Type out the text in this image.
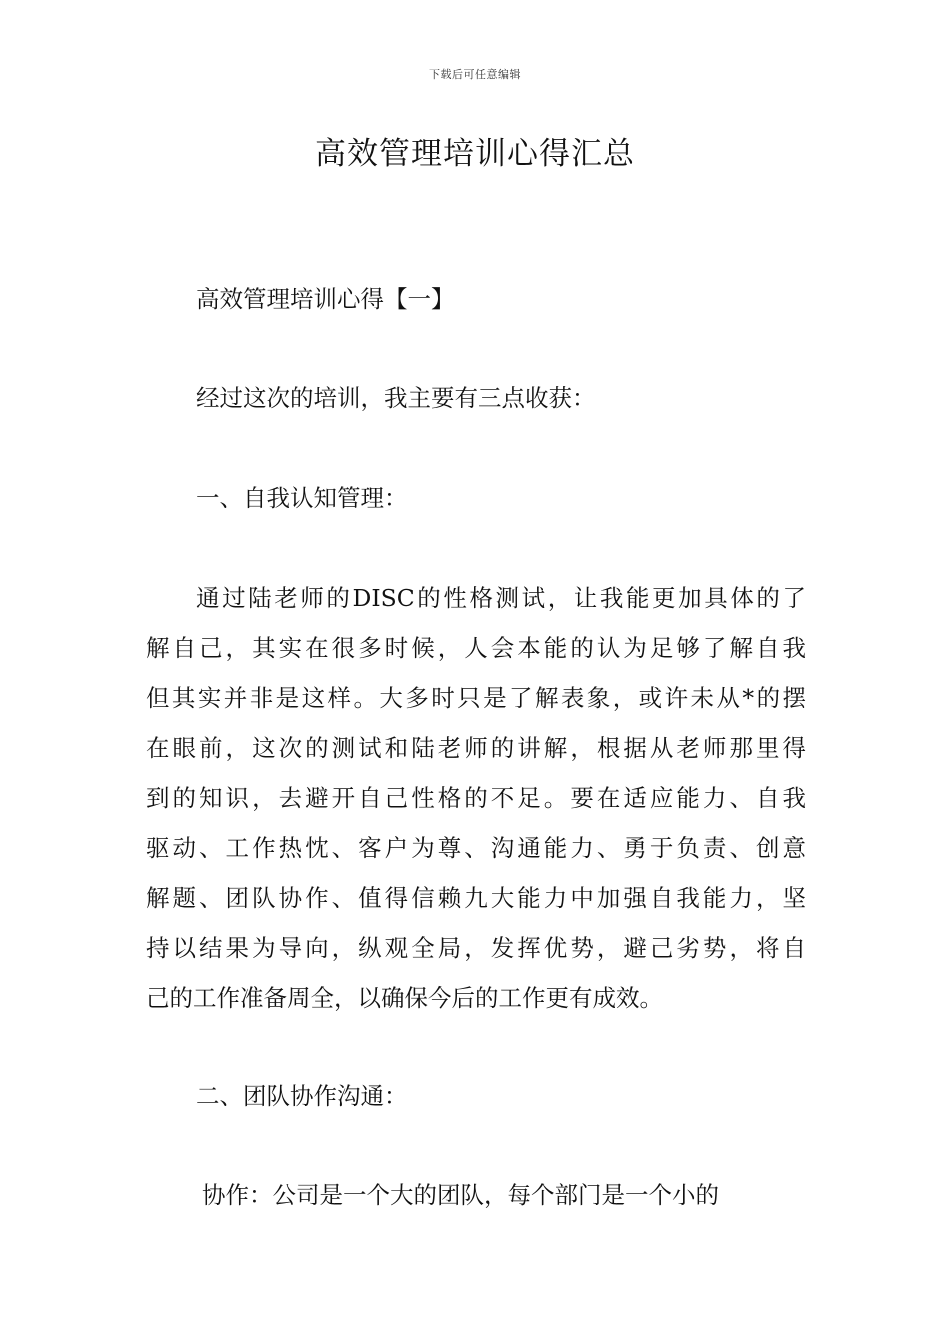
下载后可任意编辑
高效管理培训心得汇总

高效管理培训心得【一】

经过这次的培训，我主要有三点收获：

一、自我认知管理：

通过陆老师的DISC的性格测试，让我能更加具体的了
解自己，其实在很多时候，人会本能的认为足够了解自我
但其实并非是这样。大多时只是了解表象，或许未从*的摆
在眼前，这次的测试和陆老师的讲解，根据从老师那里得
到的知识，去避开自己性格的不足。要在适应能力、自我
驱动、工作热忱、客户为尊、沟通能力、勇于负责、创意
解题、团队协作、值得信赖九大能力中加强自我能力，坚
持以结果为导向，纵观全局，发挥优势，避己劣势，将自
己的工作准备周全，以确保今后的工作更有成效。

二、团队协作沟通：

协作：公司是一个大的团队，每个部门是一个小的
